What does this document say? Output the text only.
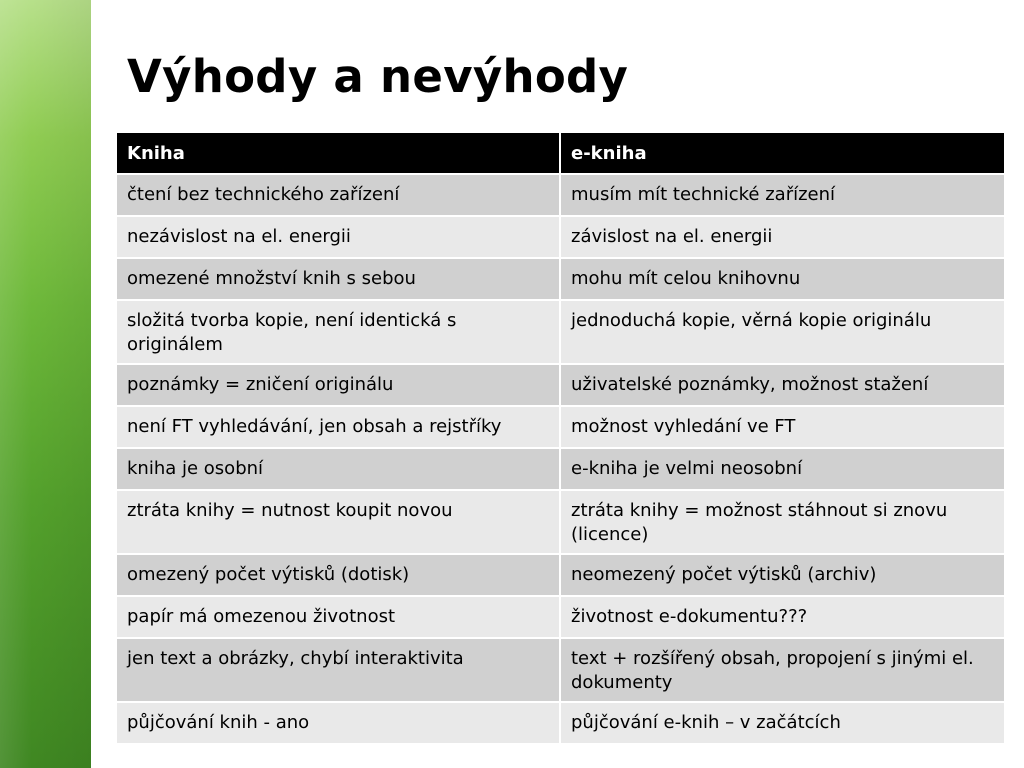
Výhody a nevýhody
Kniha	e-kniha
čtení bez technického zařízení	musím mít technické zařízení
nezávislost na el. energii	závislost na el. energii
omezené množství knih s sebou	mohu mít celou knihovnu
složitá tvorba kopie, není identická s originálem	jednoduchá kopie, věrná kopie originálu
poznámky = zničení originálu	uživatelské poznámky, možnost stažení
není FT vyhledávání, jen obsah a rejstříky	možnost vyhledání ve FT
kniha je osobní	e-kniha je velmi neosobní
ztráta knihy = nutnost koupit novou	ztráta knihy = možnost stáhnout si znovu (licence)
omezený počet výtisků (dotisk)	neomezený počet výtisků (archiv)
papír má omezenou životnost	životnost e-dokumentu???
jen text a obrázky, chybí interaktivita	text + rozšířený obsah, propojení s jinými el. dokumenty
půjčování knih - ano	půjčování e-knih – v začátcích
